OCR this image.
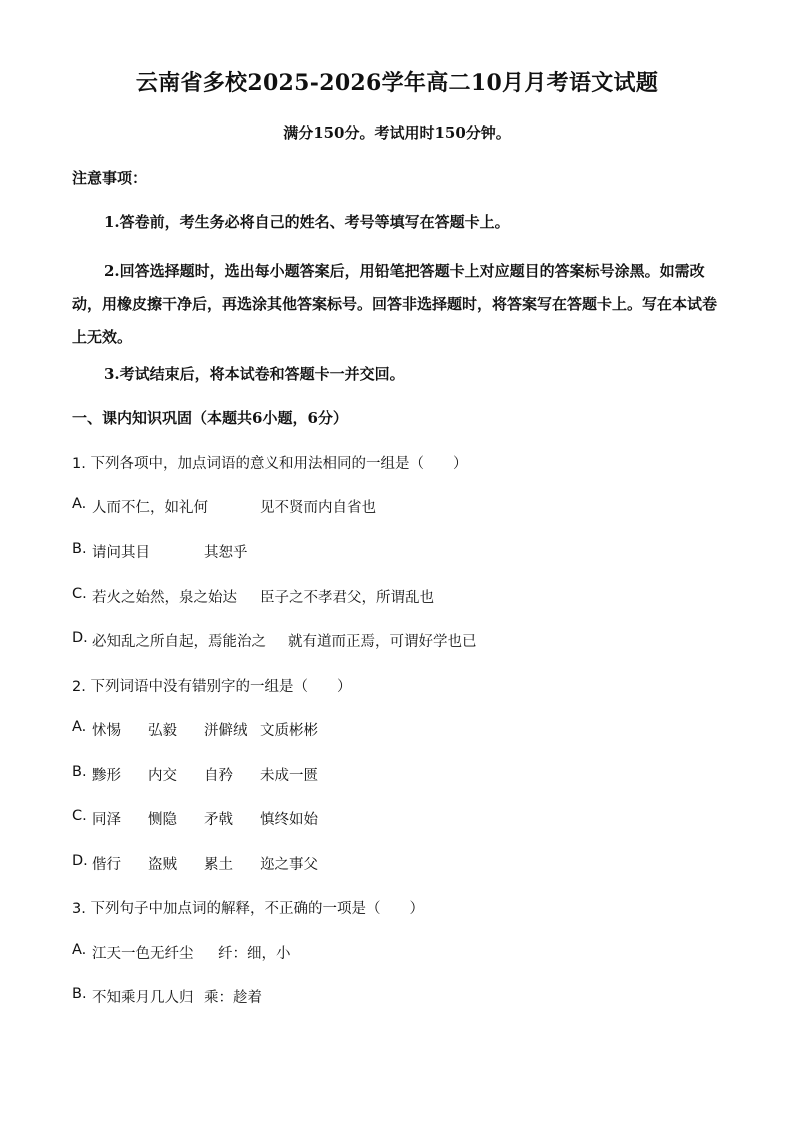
云南省多校2025-2026学年高二10月月考语文试题
满分150分。考试用时150分钟。
注意事项：
1.答卷前，考生务必将自己的姓名、考号等填写在答题卡上。
2.回答选择题时，选出每小题答案后，用铅笔把答题卡上对应题目的答案标号涂黑。如需改动，用橡皮擦干净后，再选涂其他答案标号。回答非选择题时，将答案写在答题卡上。写在本试卷上无效。
3.考试结束后，将本试卷和答题卡一并交回。
一、课内知识巩固（本题共6小题，6分）
1. 下列各项中，加点词语的意义和用法相同的一组是（　　）
A. 人而不仁，如礼何	见不贤而内自省也
B. 请问其目	其恕乎
C. 若火之始然，泉之始达 臣子之不孝君父，所谓乱也
D. 必知乱之所自起，焉能治之 就有道而正焉，可谓好学也已
2. 下列词语中没有错别字的一组是（　　）
A. 怵惕 弘毅 洴僻绒 文质彬彬
B. 黪形 内交 自矜 未成一匮
C. 同泽 恻隐 矛戟 慎终如始
D. 偕行 盗贼 累土 迩之事父
3. 下列句子中加点词的解释，不正确的一项是（　　）
A. 江天一色无纤尘 纤：细，小
B. 不知乘月几人归 乘：趁着
